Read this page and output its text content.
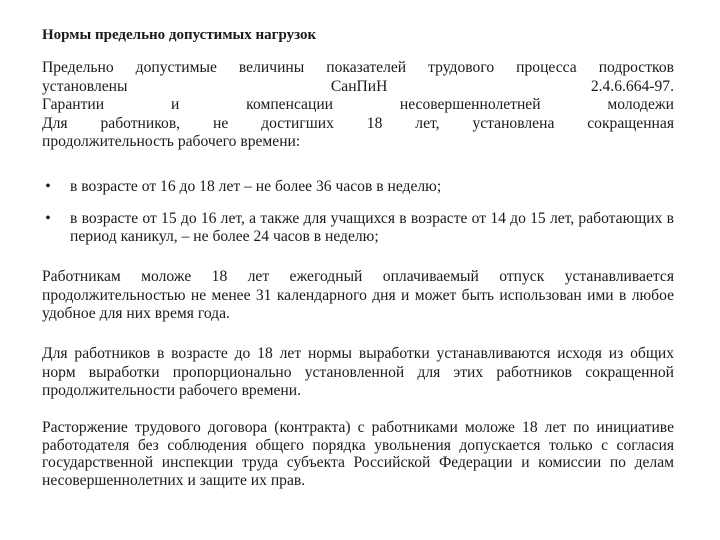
Нормы предельно допустимых нагрузок
Предельно допустимые величины показателей трудового процесса подростков
установлены	СанПиН 2.4.6.664-97.
Гарантии и компенсации несовершеннолетней молодежи
Для работников, не достигших 18 лет, установлена сокращенная
продолжительность рабочего времени:
• в возрасте от 16 до 18 лет – не более 36 часов в неделю;
• в возрасте от 15 до 16 лет, а также для учащихся в возрасте от 14 до 15 лет, работающих в период каникул, – не более 24 часов в неделю;

Работникам моложе 18 лет ежегодный оплачиваемый отпуск устанавливается продолжительностью не менее 31 календарного дня и может быть использован ими в любое удобное для них время года.

Для работников в возрасте до 18 лет нормы выработки устанавливаются исходя из общих норм выработки пропорционально установленной для этих работников сокращенной продолжительности рабочего времени.

Расторжение трудового договора (контракта) с работниками моложе 18 лет по инициативе работодателя без соблюдения общего порядка увольнения допускается только с согласия государственной инспекции труда субъекта Российской Федерации и комиссии по делам несовершеннолетних и защите их прав.
